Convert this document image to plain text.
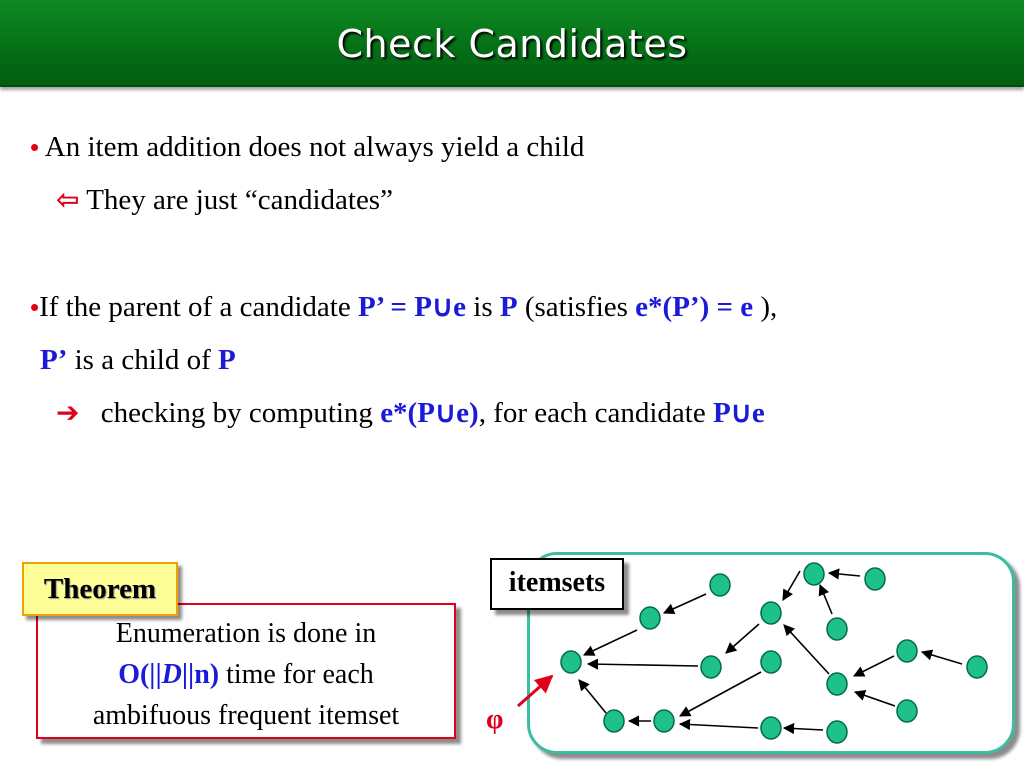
Check Candidates
• An item addition does not always yield a child
⇦ They are just “candidates”
•If the parent of a candidate P’ = P∪e is P (satisfies e*(P’) = e ),
P’ is a child of P
➔ checking by computing e*(P∪e), for each candidate P∪e
Enumeration is done in
O(||D||n) time for each
ambifuous frequent itemset
Theorem	itemsets
φ
